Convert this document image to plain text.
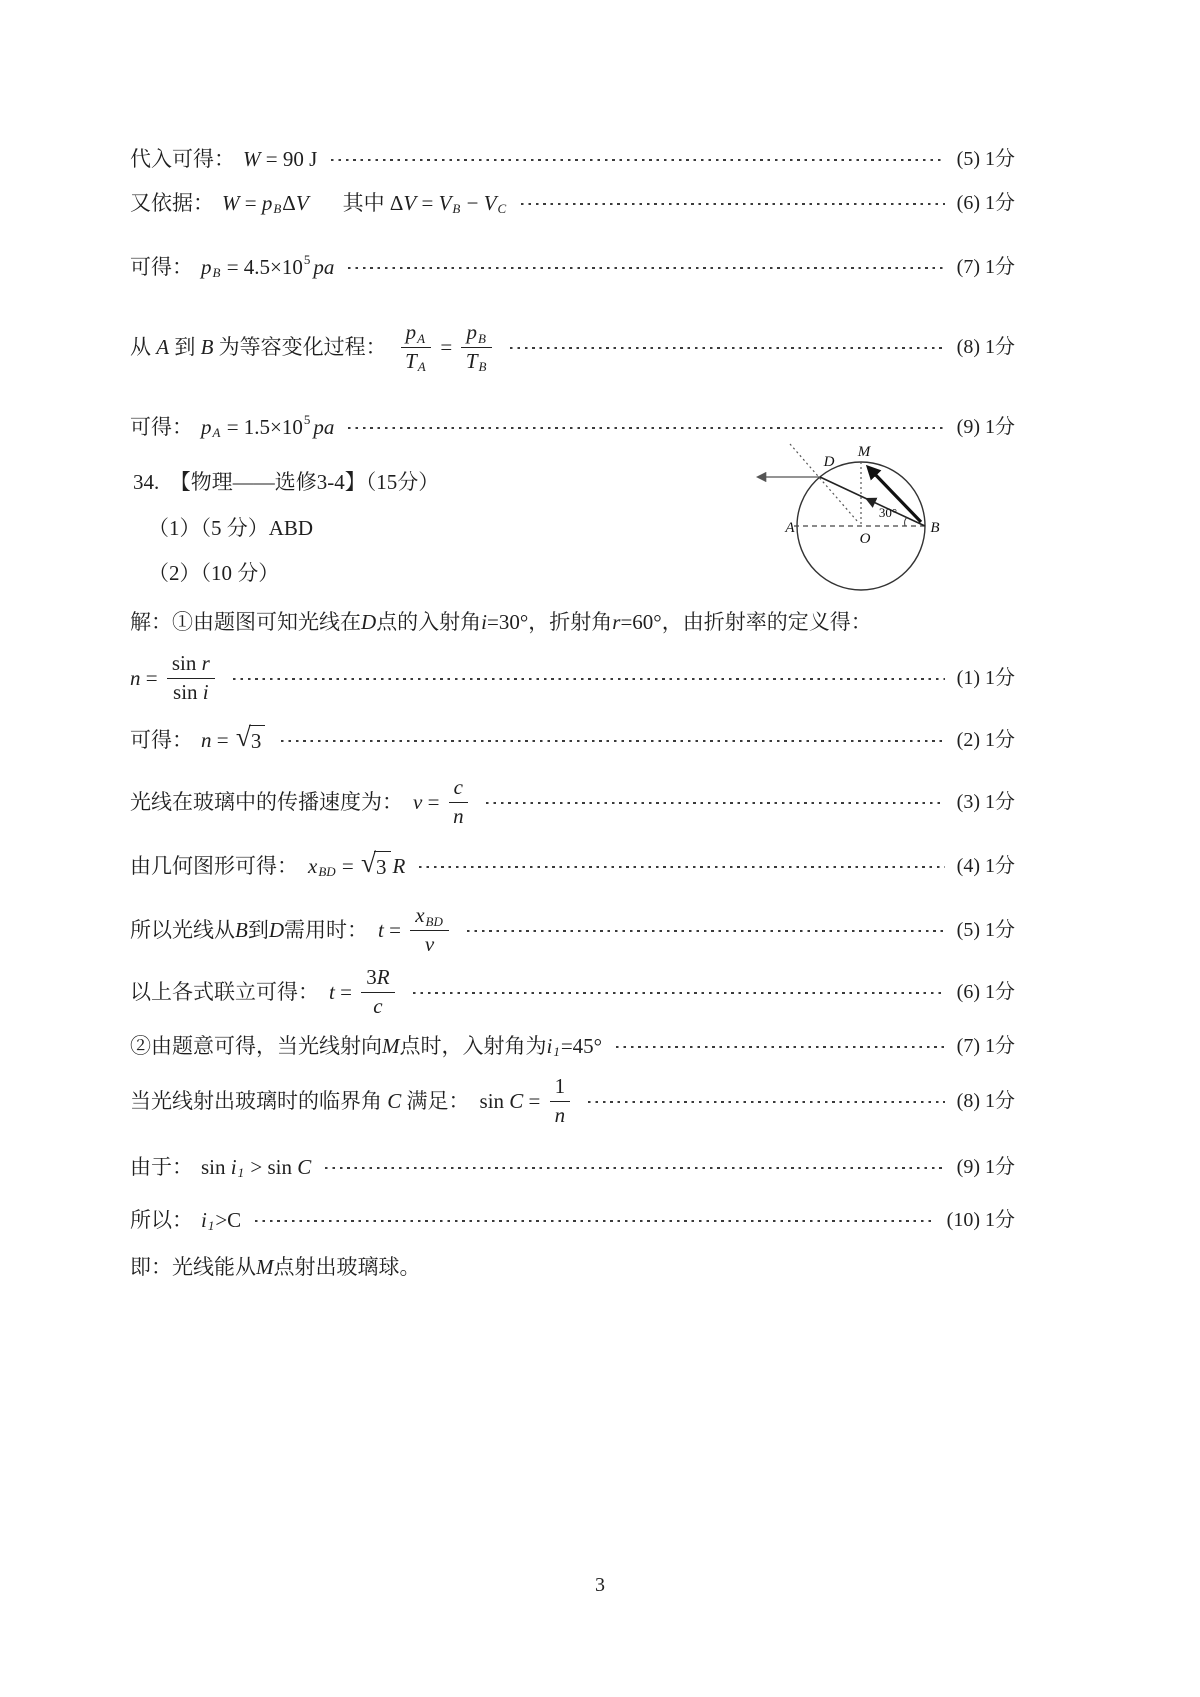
代入可得： W = 90 J	(5) 1分
又依据： W = p B Δ V 其中 Δ V = V B − V C	(6) 1分
可得： p B = 4.5×10 5 pa	(7) 1分
从 A 到 B 为等容变化过程： $\frac{\text{p A}}{\text{T A}} = \frac{\text{p B}}{\text{T B}}$	(8) 1分
可得： p A = 1.5×10 5 pa	(9) 1分
34.  【物理——选修3-4】（15分）
（1）（5 分）ABD
（2）（10 分）
解：①由题图可知光线在 D 点的入射角 i =30°，折射角 r =60°，由折射率的定义得：
$n = \frac{\text{sin r}}{\text{sin i}}$	(1) 1分
可得： n = √ 3	(2) 1分
光线在玻璃中的传播速度为： $v = \frac{c}{n}$	(3) 1分
由几何图形可得： x BD = √ 3 R	(4) 1分
所以光线从 B 到 D 需用时： $t = \frac{\text{x BD}}{v}$	(5) 1分
以上各式联立可得： $t = \frac{3 R}{c}$	(6) 1分
②由题意可得，当光线射向 M 点时，入射角为 i 1 =45°	(7) 1分
当光线射出玻璃时的临界角 C 满足： $\sin C = \frac{1}{n}$	(8) 1分
由于： sin i 1 > sin C	(9) 1分
所以： i 1 >C	(10) 1分
即：光线能从 M 点射出玻璃球。
M
D
A	B
O
30°
3
